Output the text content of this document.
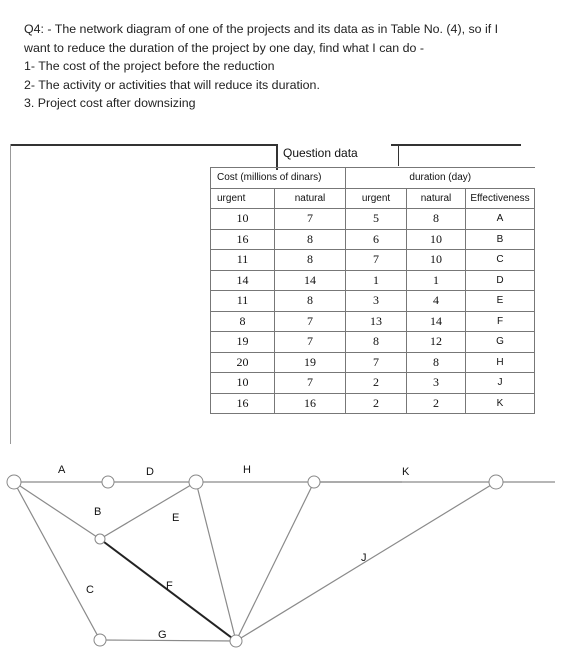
Q4: - The network diagram of one of the projects and its data as in Table No. (4), so if I

want to reduce the duration of the project by one day, find what I can do -

1- The cost of the project before the reduction

2- The activity or activities that will reduce its duration.

3. Project cost after downsizing

Question data
Cost (millions of dinars)		duration (day)		
urgent	natural	urgent	natural	Effectiveness
10	7	5	8	A
16	8	6	10	B
11	8	7	10	C
14	14	1	1	D
11	8	3	4	E
8	7	13	14	F
19	7	8	12	G
20	19	7	8	H
10	7	2	3	J
16	16	2	2	K
A
B
C
D
E
F
G
H
J
K
